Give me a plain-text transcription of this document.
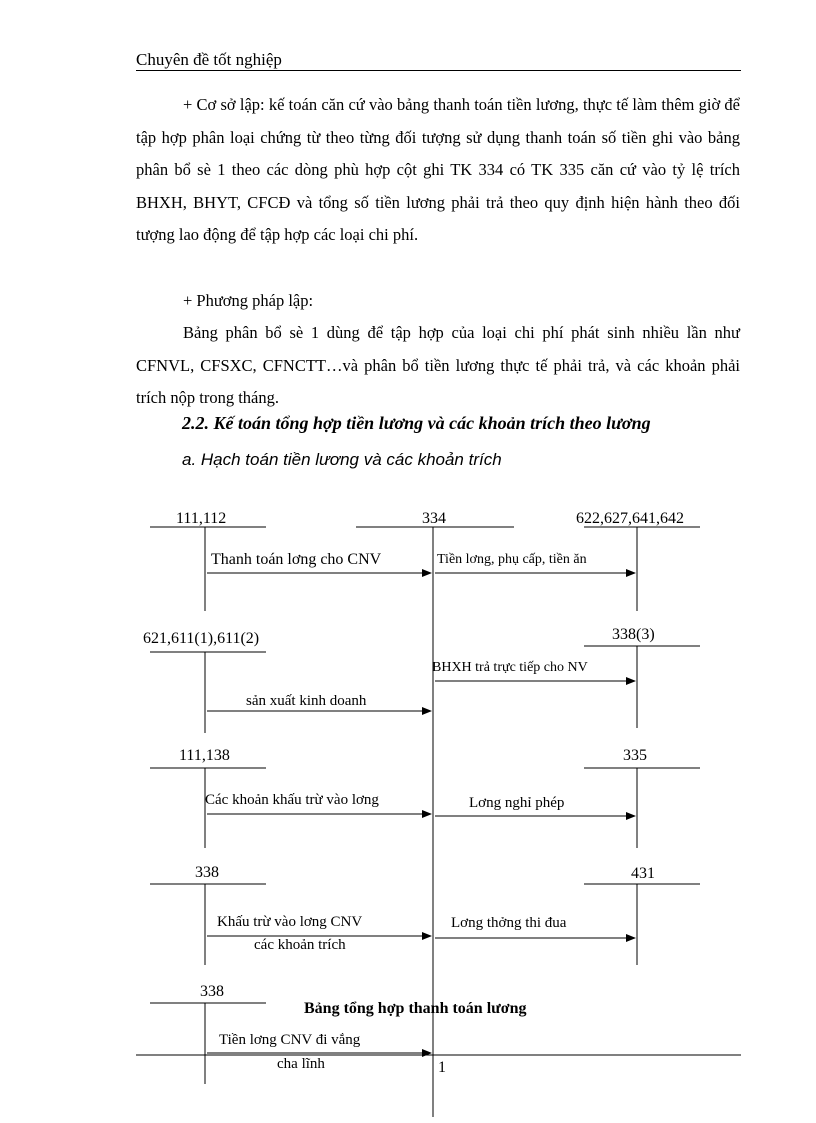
Chuyên đề tốt nghiệp
+ Cơ sở lập: kế toán căn cứ vào bảng thanh toán tiền lương, thực tế làm thêm giờ để tập hợp phân loại chứng từ theo từng đối tượng sử dụng thanh toán số tiền ghi vào bảng phân bổ sè 1 theo các dòng phù hợp cột ghi TK 334 có TK 335 căn cứ vào tỷ lệ trích BHXH, BHYT, CFCĐ và tổng số tiền lương phải trả theo quy định hiện hành theo đối tượng lao động để tập hợp các loại chi phí.
+ Phương pháp lập:
Bảng phân bổ sè 1 dùng để tập hợp của loại chi phí phát sinh nhiều lần như CFNVL, CFSXC, CFNCTT…và phân bổ tiền lương thực tế phải trả, và các khoản phải trích nộp trong tháng.
2.2. Kế toán tổng hợp tiền lương và các khoản trích theo lương
a. Hạch toán tiền lương và các khoản trích
334
111,112	622,627,641,642
Thanh toán lơng cho CNV	Tiền lơng, phụ cấp, tiền ăn
621,611(1),611(2)	338(3)
BHXH trả trực tiếp cho NV
sản xuất kinh doanh
111,138	335
Các khoản khấu trừ vào lơng	Lơng nghỉ phép
338	431
Khấu trừ vào lơng CNV
các khoản trích
Lơng thởng thi đua
338
Bảng tổng hợp thanh toán lương
Tiền lơng CNV đi vắng
cha lĩnh	1
